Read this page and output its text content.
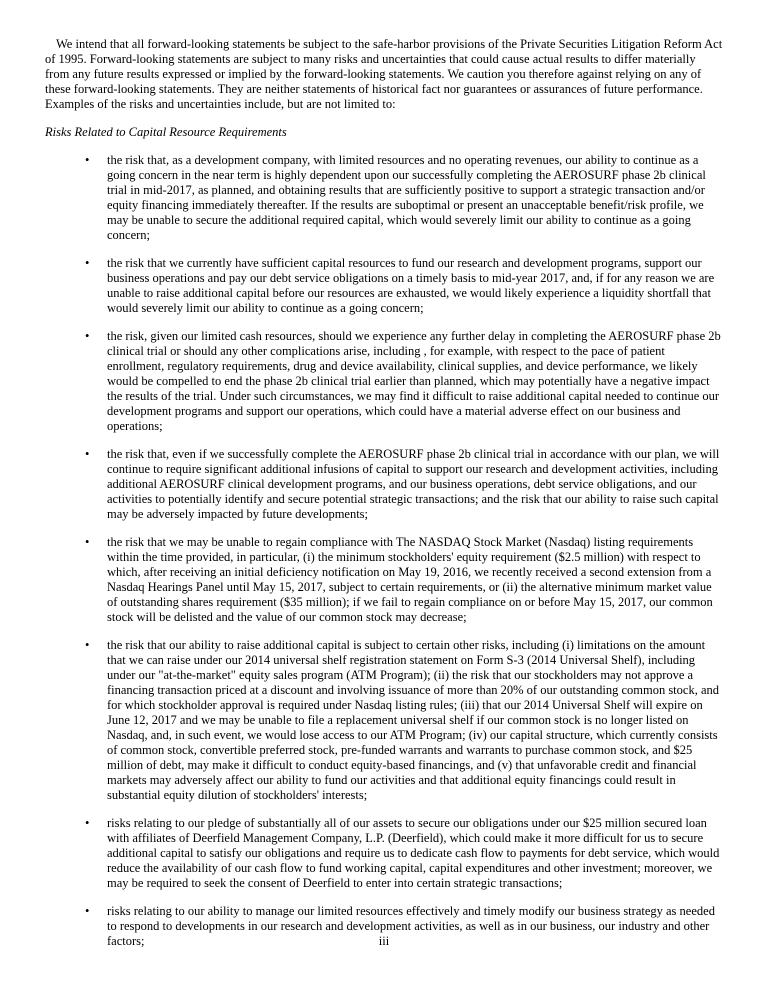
We intend that all forward-looking statements be subject to the safe-harbor provisions of the Private Securities Litigation Reform Act of 1995. Forward-looking statements are subject to many risks and uncertainties that could cause actual results to differ materially from any future results expressed or implied by the forward-looking statements. We caution you therefore against relying on any of these forward-looking statements. They are neither statements of historical fact nor guarantees or assurances of future performance. Examples of the risks and uncertainties include, but are not limited to:

Risks Related to Capital Resource Requirements
•	the risk that, as a development company, with limited resources and no operating revenues, our ability to continue as a going concern in the near term is highly dependent upon our successfully completing the AEROSURF phase 2b clinical trial in mid-2017, as planned, and obtaining results that are sufficiently positive to support a strategic transaction and/or equity financing immediately thereafter. If the results are suboptimal or present an unacceptable benefit/risk profile, we may be unable to secure the additional required capital, which would severely limit our ability to continue as a going concern;
•	the risk that we currently have sufficient capital resources to fund our research and development programs, support our business operations and pay our debt service obligations on a timely basis to mid-year 2017, and, if for any reason we are unable to raise additional capital before our resources are exhausted, we would likely experience a liquidity shortfall that would severely limit our ability to continue as a going concern;
•	the risk, given our limited cash resources, should we experience any further delay in completing the AEROSURF phase 2b clinical trial or should any other complications arise, including , for example, with respect to the pace of patient enrollment, regulatory requirements, drug and device availability, clinical supplies, and device performance, we likely would be compelled to end the phase 2b clinical trial earlier than planned, which may potentially have a negative impact the results of the trial. Under such circumstances, we may find it difficult to raise additional capital needed to continue our development programs and support our operations, which could have a material adverse effect on our business and operations;
•	the risk that, even if we successfully complete the AEROSURF phase 2b clinical trial in accordance with our plan, we will continue to require significant additional infusions of capital to support our research and development activities, including additional AEROSURF clinical development programs, and our business operations, debt service obligations, and our activities to potentially identify and secure potential strategic transactions; and the risk that our ability to raise such capital may be adversely impacted by future developments;
•	the risk that we may be unable to regain compliance with The NASDAQ Stock Market (Nasdaq) listing requirements within the time provided, in particular, (i) the minimum stockholders' equity requirement ($2.5 million) with respect to which, after receiving an initial deficiency notification on May 19, 2016, we recently received a second extension from a Nasdaq Hearings Panel until May 15, 2017, subject to certain requirements, or (ii) the alternative minimum market value of outstanding shares requirement ($35 million); if we fail to regain compliance on or before May 15, 2017, our common stock will be delisted and the value of our common stock may decrease;
•	the risk that our ability to raise additional capital is subject to certain other risks, including (i) limitations on the amount that we can raise under our 2014 universal shelf registration statement on Form S-3 (2014 Universal Shelf), including under our "at-the-market" equity sales program (ATM Program); (ii) the risk that our stockholders may not approve a financing transaction priced at a discount and involving issuance of more than 20% of our outstanding common stock, and for which stockholder approval is required under Nasdaq listing rules; (iii) that our 2014 Universal Shelf will expire on June 12, 2017 and we may be unable to file a replacement universal shelf if our common stock is no longer listed on Nasdaq, and, in such event, we would lose access to our ATM Program; (iv) our capital structure, which currently consists of common stock, convertible preferred stock, pre-funded warrants and warrants to purchase common stock, and $25 million of debt, may make it difficult to conduct equity-based financings, and (v) that unfavorable credit and financial markets may adversely affect our ability to fund our activities and that additional equity financings could result in substantial equity dilution of stockholders' interests;
•	risks relating to our pledge of substantially all of our assets to secure our obligations under our $25 million secured loan with affiliates of Deerfield Management Company, L.P. (Deerfield), which could make it more difficult for us to secure additional capital to satisfy our obligations and require us to dedicate cash flow to payments for debt service, which would reduce the availability of our cash flow to fund working capital, capital expenditures and other investment; moreover, we may be required to seek the consent of Deerfield to enter into certain strategic transactions;
•	risks relating to our ability to manage our limited resources effectively and timely modify our business strategy as needed to respond to developments in our research and development activities, as well as in our business, our industry and other factors;	iii
